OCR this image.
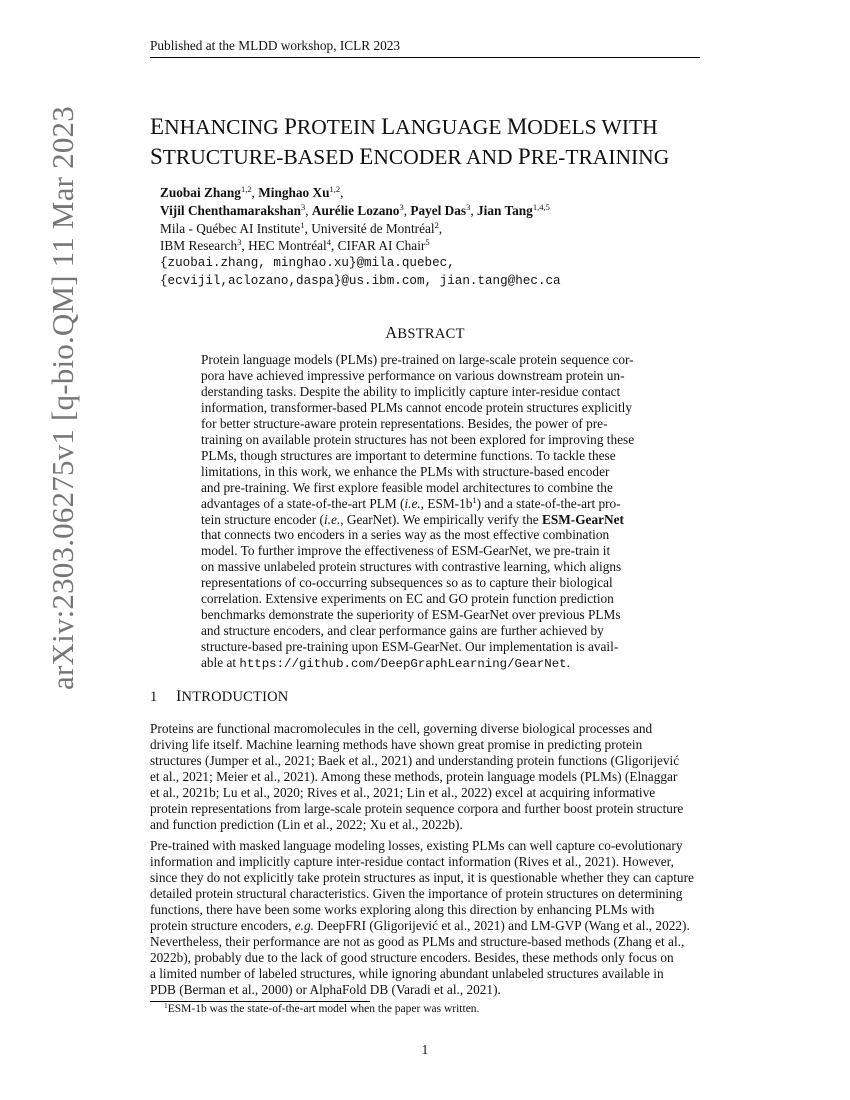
Published at the MLDD workshop, ICLR 2023
arXiv:2303.06275v1 [q-bio.QM] 11 Mar 2023	ENHANCING PROTEIN LANGUAGE MODELS WITH
STRUCTURE-BASED ENCODER AND PRE-TRAINING
Zuobai Zhang$^{1,2}$, Minghao Xu$^{1,2}$,
Vijil Chenthamarakshan$^3$, Aurélie Lozano$^3$, Payel Das$^3$, Jian Tang$^{1,4,5}$
Mila - Québec AI Institute$^1$, Université de Montréal$^2$,
IBM Research$^3$, HEC Montréal$^4$, CIFAR AI Chair$^5$
{zuobai.zhang, minghao.xu}@mila.quebec,
{ecvijil,aclozano,daspa}@us.ibm.com, jian.tang@hec.ca
ABSTRACT
Protein language models (PLMs) pre-trained on large-scale protein sequence cor-
pora have achieved impressive performance on various downstream protein un-
derstanding tasks. Despite the ability to implicitly capture inter-residue contact
information, transformer-based PLMs cannot encode protein structures explicitly
for better structure-aware protein representations. Besides, the power of pre-
training on available protein structures has not been explored for improving these
PLMs, though structures are important to determine functions. To tackle these
limitations, in this work, we enhance the PLMs with structure-based encoder
and pre-training. We first explore feasible model architectures to combine the
advantages of a state-of-the-art PLM (i.e., ESM-$1b^1$) and a state-of-the-art pro-
tein structure encoder (i.e., GearNet). We empirically verify the ESM-GearNet
that connects two encoders in a series way as the most effective combination
model. To further improve the effectiveness of ESM-GearNet, we pre-train it
on massive unlabeled protein structures with contrastive learning, which aligns
representations of co-occurring subsequences so as to capture their biological
correlation. Extensive experiments on EC and GO protein function prediction
benchmarks demonstrate the superiority of ESM-GearNet over previous PLMs
and structure encoders, and clear performance gains are further achieved by
structure-based pre-training upon ESM-GearNet. Our implementation is avail-
able at https://github.com/DeepGraphLearning/GearNet.
1 INTRODUCTION
Proteins are functional macromolecules in the cell, governing diverse biological processes and
driving life itself. Machine learning methods have shown great promise in predicting protein
structures (Jumper et al., 2021; Baek et al., 2021) and understanding protein functions (Gligorijević
et al., 2021; Meier et al., 2021). Among these methods, protein language models (PLMs) (Elnaggar
et al., 2021b; Lu et al., 2020; Rives et al., 2021; Lin et al., 2022) excel at acquiring informative
protein representations from large-scale protein sequence corpora and further boost protein structure
and function prediction (Lin et al., 2022; Xu et al., 2022b).
Pre-trained with masked language modeling losses, existing PLMs can well capture co-evolutionary
information and implicitly capture inter-residue contact information (Rives et al., 2021). However,
since they do not explicitly take protein structures as input, it is questionable whether they can capture
detailed protein structural characteristics. Given the importance of protein structures on determining
functions, there have been some works exploring along this direction by enhancing PLMs with
protein structure encoders, e.g. DeepFRI (Gligorijević et al., 2021) and LM-GVP (Wang et al., 2022).
Nevertheless, their performance are not as good as PLMs and structure-based methods (Zhang et al.,
2022b), probably due to the lack of good structure encoders. Besides, these methods only focus on
a limited number of labeled structures, while ignoring abundant unlabeled structures available in
PDB (Berman et al., 2000) or AlphaFold DB (Varadi et al., 2021).
$^1$ESM-1b was the state-of-the-art model when the paper was written.
1
